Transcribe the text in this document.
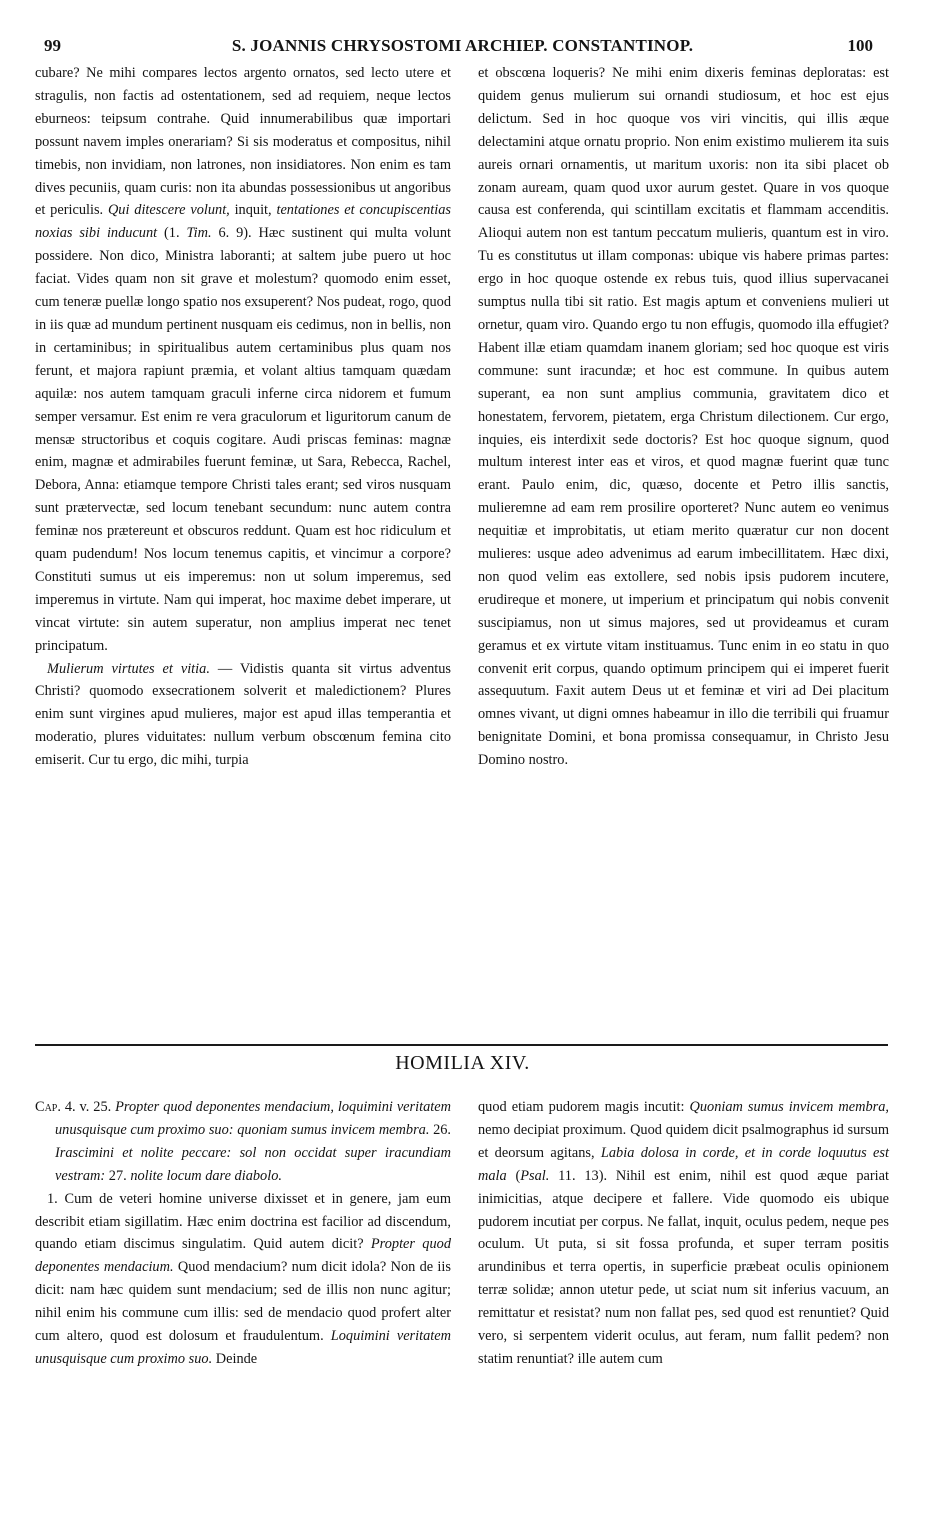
99	S. JOANNIS CHRYSOSTOMI ARCHIEP. CONSTANTINOP.	100

cubare? Ne mihi compares lectos argento ornatos, sed lecto utere et stragulis, non factis ad ostentationem, sed ad requiem, neque lectos eburneos: teipsum contrahe. Quid innumerabilibus quæ importari possunt navem imples onerariam? Si sis moderatus et compositus, nihil timebis, non invidiam, non latrones, non insidiatores. Non enim es tam dives pecuniis, quam curis: non ita abundas possessionibus ut angoribus et periculis. Qui ditescere volunt, inquit, tentationes et concupiscentias noxias sibi inducunt (1. Tim. 6. 9). Hæc sustinent qui multa volunt possidere. Non dico, Ministra laboranti; at saltem jube puero ut hoc faciat. Vides quam non sit grave et molestum? quomodo enim esset, cum teneræ puellæ longo spatio nos exsuperent? Nos pudeat, rogo, quod in iis quæ ad mundum pertinent nusquam eis cedimus, non in bellis, non in certaminibus; in spiritualibus autem certaminibus plus quam nos ferunt, et majora rapiunt præmia, et volant altius tamquam quædam aquilæ: nos autem tamquam graculi inferne circa nidorem et fumum semper versamur. Est enim re vera graculorum et liguritorum canum de mensæ structoribus et coquis cogitare. Audi priscas feminas: magnæ enim, magnæ et admirabiles fuerunt feminæ, ut Sara, Rebecca, Rachel, Debora, Anna: etiamque tempore Christi tales erant; sed viros nusquam sunt prætervectæ, sed locum tenebant secundum: nunc autem contra feminæ nos prætereunt et obscuros reddunt. Quam est hoc ridiculum et quam pudendum! Nos locum tenemus capitis, et vincimur a corpore? Constituti sumus ut eis imperemus: non ut solum imperemus, sed imperemus in virtute. Nam qui imperat, hoc maxime debet imperare, ut vincat virtute: sin autem superatur, non amplius imperat nec tenet principatum.

Mulierum virtutes et vitia. — Vidistis quanta sit virtus adventus Christi? quomodo exsecrationem solverit et maledictionem? Plures enim sunt virgines apud mulieres, major est apud illas temperantia et moderatio, plures viduitates: nullum verbum obscœnum femina cito emiserit. Cur tu ergo, dic mihi, turpia

et obscœna loqueris? Ne mihi enim dixeris feminas deploratas: est quidem genus mulierum sui ornandi studiosum, et hoc est ejus delictum. Sed in hoc quoque vos viri vincitis, qui illis æque delectamini atque ornatu proprio. Non enim existimo mulierem ita suis aureis ornari ornamentis, ut maritum uxoris: non ita sibi placet ob zonam auream, quam quod uxor aurum gestet. Quare in vos quoque causa est conferenda, qui scintillam excitatis et flammam accenditis. Alioqui autem non est tantum peccatum mulieris, quantum est in viro. Tu es constitutus ut illam componas: ubique vis habere primas partes: ergo in hoc quoque ostende ex rebus tuis, quod illius supervacanei sumptus nulla tibi sit ratio. Est magis aptum et conveniens mulieri ut ornetur, quam viro. Quando ergo tu non effugis, quomodo illa effugiet? Habent illæ etiam quamdam inanem gloriam; sed hoc quoque est viris commune: sunt iracundæ; et hoc est commune. In quibus autem superant, ea non sunt amplius communia, gravitatem dico et honestatem, fervorem, pietatem, erga Christum dilectionem. Cur ergo, inquies, eis interdixit sede doctoris? Est hoc quoque signum, quod multum interest inter eas et viros, et quod magnæ fuerint quæ tunc erant. Paulo enim, dic, quæso, docente et Petro illis sanctis, mulieremne ad eam rem prosilire oporteret? Nunc autem eo venimus nequitiæ et improbitatis, ut etiam merito quæratur cur non docent mulieres: usque adeo advenimus ad earum imbecillitatem. Hæc dixi, non quod velim eas extollere, sed nobis ipsis pudorem incutere, erudireque et monere, ut imperium et principatum qui nobis convenit suscipiamus, non ut simus majores, sed ut provideamus et curam geramus et ex virtute vitam instituamus. Tunc enim in eo statu in quo convenit erit corpus, quando optimum principem qui ei imperet fuerit assequutum. Faxit autem Deus ut et feminæ et viri ad Dei placitum omnes vivant, ut digni omnes habeamur in illo die terribili qui fruamur benignitate Domini, et bona promissa consequamur, in Christo Jesu Domino nostro.

HOMILIA XIV.

Cap. 4. v. 25. Propter quod deponentes mendacium, loquimini veritatem unusquisque cum proximo suo: quoniam sumus invicem membra. 26. Irascimini et nolite peccare: sol non occidat super iracundiam vestram: 27. nolite locum dare diabolo.

1. Cum de veteri homine universe dixisset et in genere, jam eum describit etiam sigillatim. Hæc enim doctrina est facilior ad discendum, quando etiam discimus singulatim. Quid autem dicit? Propter quod deponentes mendacium. Quod mendacium? num dicit idola? Non de iis dicit: nam hæc quidem sunt mendacium; sed de illis non nunc agitur; nihil enim his commune cum illis: sed de mendacio quod profert alter cum altero, quod est dolosum et fraudulentum. Loquimini veritatem unusquisque cum proximo suo. Deinde

quod etiam pudorem magis incutit: Quoniam sumus invicem membra, nemo decipiat proximum. Quod quidem dicit psalmographus id sursum et deorsum agitans, Labia dolosa in corde, et in corde loquutus est mala (Psal. 11. 13). Nihil est enim, nihil est quod æque pariat inimicitias, atque decipere et fallere. Vide quomodo eis ubique pudorem incutiat per corpus. Ne fallat, inquit, oculus pedem, neque pes oculum. Ut puta, si sit fossa profunda, et super terram positis arundinibus et terra opertis, in superficie præbeat oculis opinionem terræ solidæ; annon utetur pede, ut sciat num sit inferius vacuum, an remittatur et resistat? num non fallat pes, sed quod est renuntiet? Quid vero, si serpentem viderit oculus, aut feram, num fallit pedem? non statim renuntiat? ille autem cum
